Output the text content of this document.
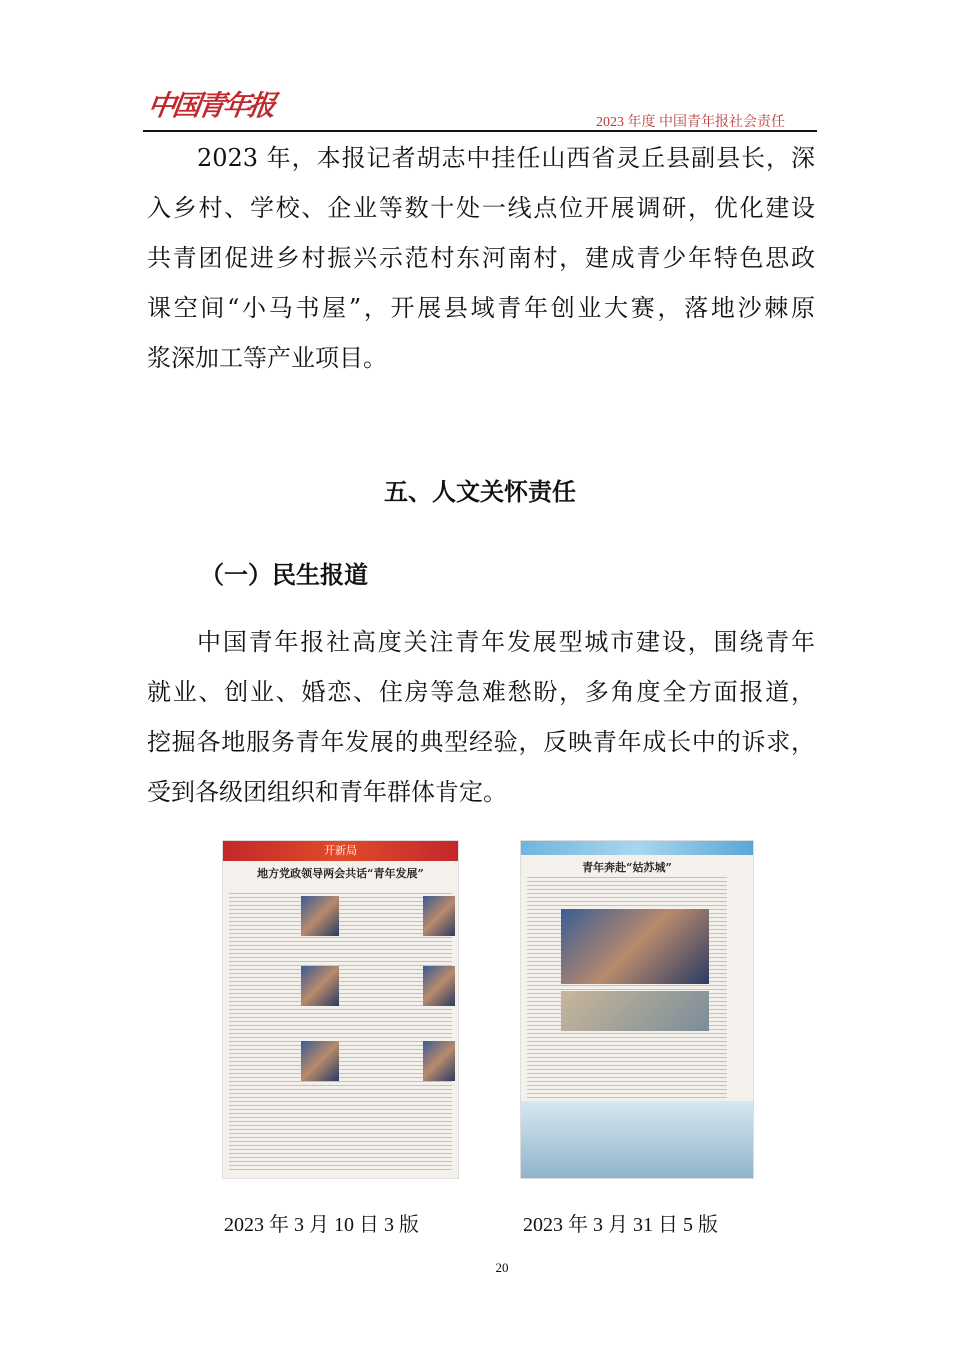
中国青年报
2023 年度 中国青年报社会责任
2023 年，本报记者胡志中挂任山西省灵丘县副县长，深
入乡村、学校、企业等数十处一线点位开展调研，优化建设
共青团促进乡村振兴示范村东河南村，建成青少年特色思政
课空间“小马书屋”，开展县域青年创业大赛，落地沙棘原
浆深加工等产业项目。
五、人文关怀责任
（一）民生报道
中国青年报社高度关注青年发展型城市建设，围绕青年
就业、创业、婚恋、住房等急难愁盼，多角度全方面报道，
挖掘各地服务青年发展的典型经验，反映青年成长中的诉求，
受到各级团组织和青年群体肯定。
开新局
地方党政领导两会共话“青年发展”	青年奔赴“姑苏城”
2023 年 3 月 10 日 3 版	2023 年 3 月 31 日 5 版
20
